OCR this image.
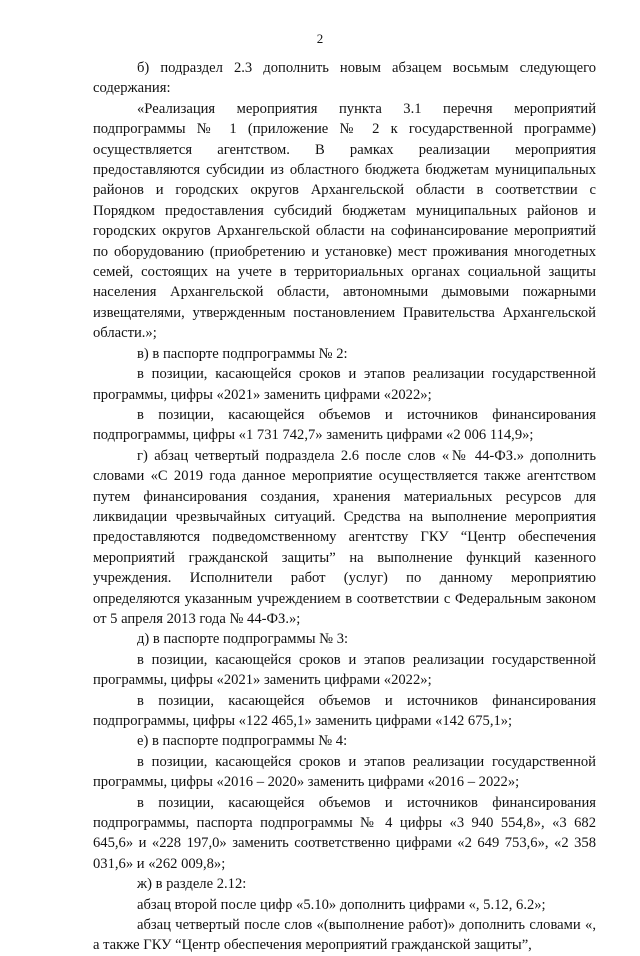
2

б) подраздел 2.3 дополнить новым абзацем восьмым следующего содержания:

«Реализация мероприятия пункта 3.1 перечня мероприятий подпрограммы № 1 (приложение № 2 к государственной программе) осуществляется агентством. В рамках реализации мероприятия предоставляются субсидии из областного бюджета бюджетам муниципальных районов и городских округов Архангельской области в соответствии с Порядком предоставления субсидий бюджетам муниципальных районов и городских округов Архангельской области на софинансирование мероприятий по оборудованию (приобретению и установке) мест проживания многодетных семей, состоящих на учете в территориальных органах социальной защиты населения Архангельской области, автономными дымовыми пожарными извещателями, утвержденным постановлением Правительства Архангельской области.»;

в) в паспорте подпрограммы № 2:

в позиции, касающейся сроков и этапов реализации государственной программы, цифры «2021» заменить цифрами «2022»;

в позиции, касающейся объемов и источников финансирования подпрограммы, цифры «1 731 742,7» заменить цифрами «2 006 114,9»;

г) абзац четвертый подраздела 2.6 после слов «№ 44-ФЗ.» дополнить словами «С 2019 года данное мероприятие осуществляется также агентством путем финансирования создания, хранения материальных ресурсов для ликвидации чрезвычайных ситуаций. Средства на выполнение мероприятия предоставляются подведомственному агентству ГКУ “Центр обеспечения мероприятий гражданской защиты” на выполнение функций казенного учреждения. Исполнители работ (услуг) по данному мероприятию определяются указанным учреждением в соответствии с Федеральным законом от 5 апреля 2013 года № 44-ФЗ.»;

д) в паспорте подпрограммы № 3:

в позиции, касающейся сроков и этапов реализации государственной программы, цифры «2021» заменить цифрами «2022»;

в позиции, касающейся объемов и источников финансирования подпрограммы, цифры «122 465,1» заменить цифрами «142 675,1»;

е) в паспорте подпрограммы № 4:

в позиции, касающейся сроков и этапов реализации государственной программы, цифры «2016 – 2020» заменить цифрами «2016 – 2022»;

в позиции, касающейся объемов и источников финансирования подпрограммы, паспорта подпрограммы № 4 цифры «3 940 554,8», «3 682 645,6» и «228 197,0» заменить соответственно цифрами «2 649 753,6», «2 358 031,6» и «262 009,8»;

ж) в разделе 2.12:

абзац второй после цифр «5.10» дополнить цифрами «, 5.12, 6.2»;

абзац четвертый после слов «(выполнение работ)» дополнить словами «, а также ГКУ “Центр обеспечения мероприятий гражданской защиты”,
